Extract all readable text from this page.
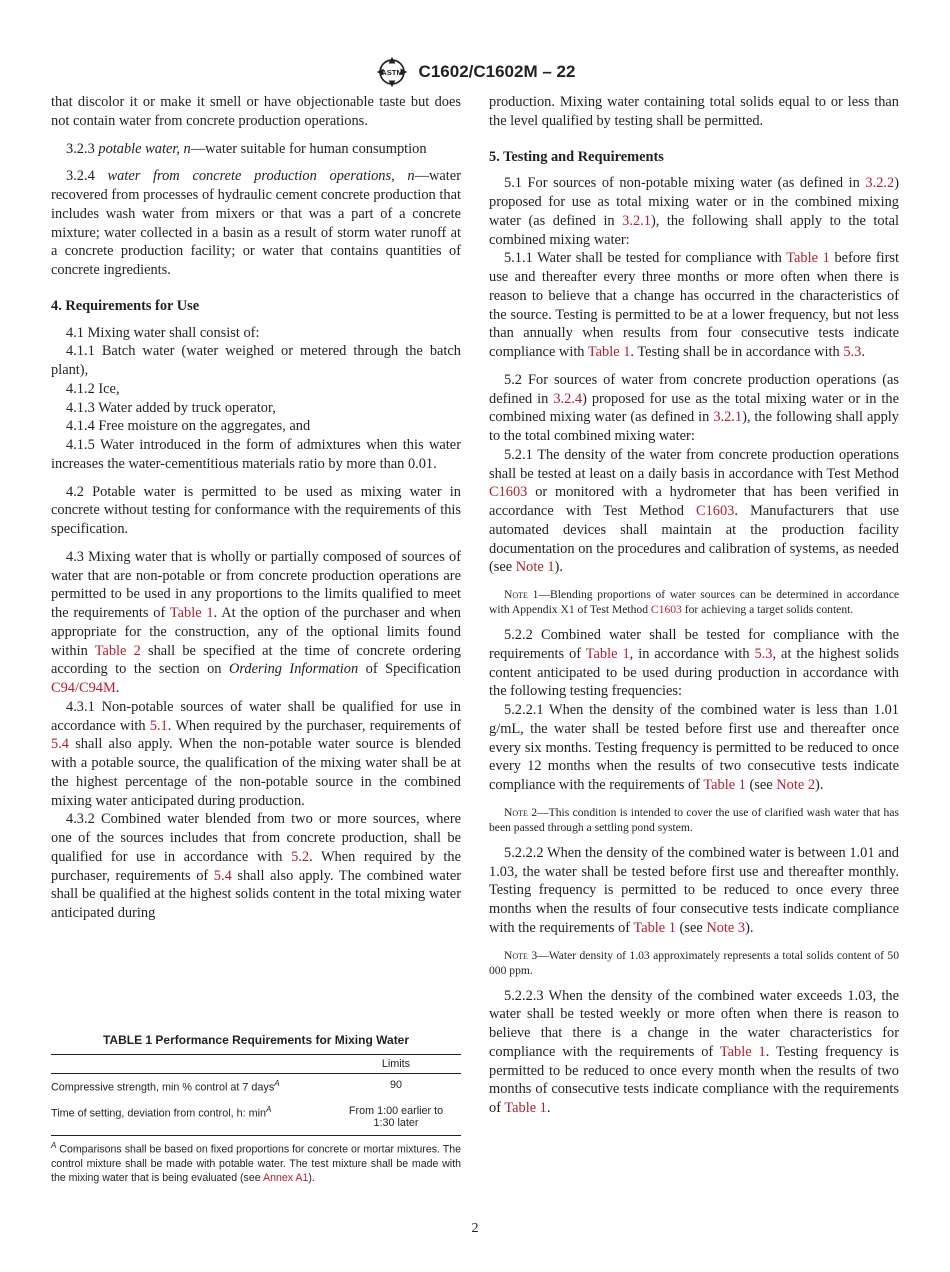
ASTM C1602/C1602M – 22

that discolor it or make it smell or have objectionable taste but does not contain water from concrete production operations.

3.2.3 potable water, n—water suitable for human consumption

3.2.4 water from concrete production operations, n—water recovered from processes of hydraulic cement concrete production that includes wash water from mixers or that was a part of a concrete mixture; water collected in a basin as a result of storm water runoff at a concrete production facility; or water that contains quantities of concrete ingredients.

4. Requirements for Use

4.1 Mixing water shall consist of:

4.1.1 Batch water (water weighed or metered through the batch plant),

4.1.2 Ice,

4.1.3 Water added by truck operator,

4.1.4 Free moisture on the aggregates, and

4.1.5 Water introduced in the form of admixtures when this water increases the water-cementitious materials ratio by more than 0.01.

4.2 Potable water is permitted to be used as mixing water in concrete without testing for conformance with the requirements of this specification.

4.3 Mixing water that is wholly or partially composed of sources of water that are non-potable or from concrete production operations are permitted to be used in any proportions to the limits qualified to meet the requirements of Table 1. At the option of the purchaser and when appropriate for the construction, any of the optional limits found within Table 2 shall be specified at the time of concrete ordering according to the section on Ordering Information of Specification C94/C94M.

4.3.1 Non-potable sources of water shall be qualified for use in accordance with 5.1. When required by the purchaser, requirements of 5.4 shall also apply. When the non-potable water source is blended with a potable source, the qualification of the mixing water shall be at the highest percentage of the non-potable source in the combined mixing water anticipated during production.

4.3.2 Combined water blended from two or more sources, where one of the sources includes that from concrete production, shall be qualified for use in accordance with 5.2. When required by the purchaser, requirements of 5.4 shall also apply. The combined water shall be qualified at the highest solids content in the total mixing water anticipated during

TABLE 1 Performance Requirements for Mixing Water
	Limits
Compressive strength, min % control at 7 days$^A$	90
Time of setting, deviation from control, h: $\min^A$	From 1:00 earlier to
1:30 later
$^A$ Comparisons shall be based on fixed proportions for concrete or mortar mixtures. The control mixture shall be made with potable water. The test mixture shall be made with the mixing water that is being evaluated (see Annex A1).

production. Mixing water containing total solids equal to or less than the level qualified by testing shall be permitted.

5. Testing and Requirements

5.1 For sources of non-potable mixing water (as defined in 3.2.2) proposed for use as total mixing water or in the combined mixing water (as defined in 3.2.1), the following shall apply to the total combined mixing water:

5.1.1 Water shall be tested for compliance with Table 1 before first use and thereafter every three months or more often when there is reason to believe that a change has occurred in the characteristics of the source. Testing is permitted to be at a lower frequency, but not less than annually when results from four consecutive tests indicate compliance with Table 1. Testing shall be in accordance with 5.3.

5.2 For sources of water from concrete production operations (as defined in 3.2.4) proposed for use as the total mixing water or in the combined mixing water (as defined in 3.2.1), the following shall apply to the total combined mixing water:

5.2.1 The density of the water from concrete production operations shall be tested at least on a daily basis in accordance with Test Method C1603 or monitored with a hydrometer that has been verified in accordance with Test Method C1603. Manufacturers that use automated devices shall maintain at the production facility documentation on the procedures and calibration of systems, as needed (see Note 1).

Note 1—Blending proportions of water sources can be determined in accordance with Appendix X1 of Test Method C1603 for achieving a target solids content.

5.2.2 Combined water shall be tested for compliance with the requirements of Table 1, in accordance with 5.3, at the highest solids content anticipated to be used during production in accordance with the following testing frequencies:

5.2.2.1 When the density of the combined water is less than 1.01 g/mL, the water shall be tested before first use and thereafter once every six months. Testing frequency is permitted to be reduced to once every 12 months when the results of two consecutive tests indicate compliance with the requirements of Table 1 (see Note 2).

Note 2—This condition is intended to cover the use of clarified wash water that has been passed through a settling pond system.

5.2.2.2 When the density of the combined water is between 1.01 and 1.03, the water shall be tested before first use and thereafter monthly. Testing frequency is permitted to be reduced to once every three months when the results of four consecutive tests indicate compliance with the requirements of Table 1 (see Note 3).

Note 3—Water density of 1.03 approximately represents a total solids content of 50 000 ppm.

5.2.2.3 When the density of the combined water exceeds 1.03, the water shall be tested weekly or more often when there is reason to believe that there is a change in the water characteristics for compliance with the requirements of Table 1. Testing frequency is permitted to be reduced to once every month when the results of two months of consecutive tests indicate compliance with the requirements of Table 1.

2
